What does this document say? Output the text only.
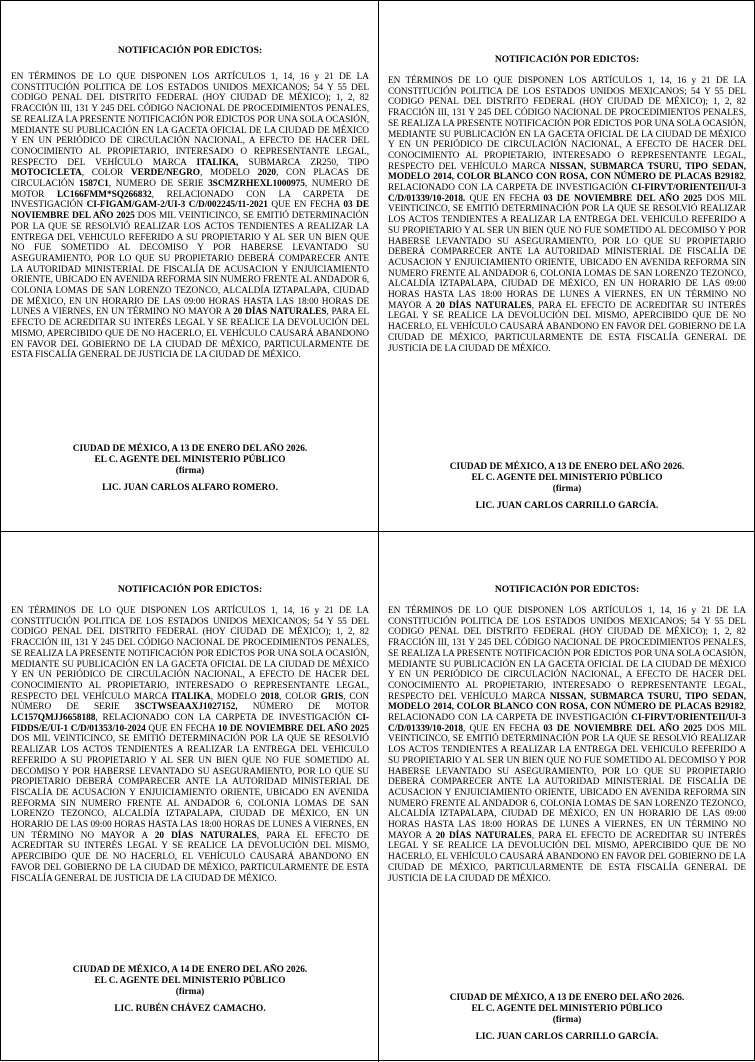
NOTIFICACIÓN POR EDICTOS:

EN TÉRMINOS DE LO QUE DISPONEN LOS ARTÍCULOS 1, 14, 16 y 21 DE LA CONSTITUCIÓN POLITICA DE LOS ESTADOS UNIDOS MEXICANOS; 54 Y 55 DEL CODIGO PENAL DEL DISTRITO FEDERAL (HOY CIUDAD DE MÉXICO); 1, 2, 82 FRACCIÓN III, 131 Y 245 DEL CÓDIGO NACIONAL DE PROCEDIMIENTOS PENALES, SE REALIZA LA PRESENTE NOTIFICACIÓN POR EDICTOS POR UNA SOLA OCASIÓN, MEDIANTE SU PUBLICACIÓN EN LA GACETA OFICIAL DE LA CIUDAD DE MÉXICO Y EN UN PERIÓDICO DE CIRCULACIÓN NACIONAL, A EFECTO DE HACER DEL CONOCIMIENTO AL PROPIETARIO, INTERESADO O REPRESENTANTE LEGAL, RESPECTO DEL VEHÍCULO MARCA ITALIKA, SUBMARCA ZR250, TIPO MOTOCICLETA, COLOR VERDE/NEGRO, MODELO 2020, CON PLACAS DE CIRCULACIÓN 1587C1, NUMERO DE SERIE 3SCMZRHEXL1000975, NUMERO DE MOTOR LC166FMM*SQ266832, RELACIONADO CON LA CARPETA DE INVESTIGACIÓN CI-FIGAM/GAM-2/UI-3 C/D/002245/11-2021 QUE EN FECHA 03 DE NOVIEMBRE DEL AÑO 2025 DOS MIL VEINTICINCO, SE EMITIÓ DETERMINACIÓN POR LA QUE SE RESOLVIÓ REALIZAR LOS ACTOS TENDIENTES A REALIZAR LA ENTREGA DEL VEHICULO REFERIDO A SU PROPIETARIO Y AL SER UN BIEN QUE NO FUE SOMETIDO AL DECOMISO Y POR HABERSE LEVANTADO SU ASEGURAMIENTO, POR LO QUE SU PROPIETARIO DEBERÁ COMPARECER ANTE LA AUTORIDAD MINISTERIAL DE FISCALÍA DE ACUSACION Y ENJUICIAMIENTO ORIENTE, UBICADO EN AVENIDA REFORMA SIN NUMERO FRENTE AL ANDADOR 6, COLONIA LOMAS DE SAN LORENZO TEZONCO, ALCALDÍA IZTAPALAPA, CIUDAD DE MÉXICO, EN UN HORARIO DE LAS 09:00 HORAS HASTA LAS 18:00 HORAS DE LUNES A VIERNES, EN UN TÉRMINO NO MAYOR A 20 DÍAS NATURALES, PARA EL EFECTO DE ACREDITAR SU INTERÉS LEGAL Y SE REALICE LA DEVOLUCIÓN DEL MISMO, APERCIBIDO QUE DE NO HACERLO, EL VEHÍCULO CAUSARÁ ABANDONO EN FAVOR DEL GOBIERNO DE LA CIUDAD DE MÉXICO, PARTICULARMENTE DE ESTA FISCALÍA GENERAL DE JUSTICIA DE LA CIUDAD DE MÉXICO.

CIUDAD DE MÉXICO, A 13 DE ENERO DEL AÑO 2026.
EL C. AGENTE DEL MINISTERIO PÚBLICO
(firma)
LIC. JUAN CARLOS ALFARO ROMERO.

NOTIFICACIÓN POR EDICTOS:

EN TÉRMINOS DE LO QUE DISPONEN LOS ARTÍCULOS 1, 14, 16 y 21 DE LA CONSTITUCIÓN POLITICA DE LOS ESTADOS UNIDOS MEXICANOS; 54 Y 55 DEL CODIGO PENAL DEL DISTRITO FEDERAL (HOY CIUDAD DE MÉXICO); 1, 2, 82 FRACCIÓN III, 131 Y 245 DEL CÓDIGO NACIONAL DE PROCEDIMIENTOS PENALES, SE REALIZA LA PRESENTE NOTIFICACIÓN POR EDICTOS POR UNA SOLA OCASIÓN, MEDIANTE SU PUBLICACIÓN EN LA GACETA OFICIAL DE LA CIUDAD DE MÉXICO Y EN UN PERIÓDICO DE CIRCULACIÓN NACIONAL, A EFECTO DE HACER DEL CONOCIMIENTO AL PROPIETARIO, INTERESADO O REPRESENTANTE LEGAL, RESPECTO DEL VEHÍCULO MARCA NISSAN, SUBMARCA TSURU, TIPO SEDAN, MODELO 2014, COLOR BLANCO CON ROSA, CON NÚMERO DE PLACAS B29182, RELACIONADO CON LA CARPETA DE INVESTIGACIÓN CI-FIRVT/ORIENTEII/UI-3 C/D/01339/10-2018. QUE EN FECHA 03 DE NOVIEMBRE DEL AÑO 2025 DOS MIL VEINTICINCO, SE EMITIÓ DETERMINACIÓN POR LA QUE SE RESOLVIÓ REALIZAR LOS ACTOS TENDIENTES A REALIZAR LA ENTREGA DEL VEHICULO REFERIDO A SU PROPIETARIO Y AL SER UN BIEN QUE NO FUE SOMETIDO AL DECOMISO Y POR HABERSE LEVANTADO SU ASEGURAMIENTO, POR LO QUE SU PROPIETARIO DEBERÁ COMPARECER ANTE LA AUTORIDAD MINISTERIAL DE FISCALÍA DE ACUSACION Y ENJUICIAMIENTO ORIENTE, UBICADO EN AVENIDA REFORMA SIN NUMERO FRENTE AL ANDADOR 6, COLONIA LOMAS DE SAN LORENZO TEZONCO, ALCALDÍA IZTAPALAPA, CIUDAD DE MÉXICO, EN UN HORARIO DE LAS 09:00 HORAS HASTA LAS 18:00 HORAS DE LUNES A VIERNES, EN UN TÉRMINO NO MAYOR A 20 DÍAS NATURALES, PARA EL EFECTO DE ACREDITAR SU INTERÉS LEGAL Y SE REALICE LA DEVOLUCIÓN DEL MISMO, APERCIBIDO QUE DE NO HACERLO, EL VEHÍCULO CAUSARÁ ABANDONO EN FAVOR DEL GOBIERNO DE LA CIUDAD DE MÉXICO, PARTICULARMENTE DE ESTA FISCALÍA GENERAL DE JUSTICIA DE LA CIUDAD DE MÉXICO.

CIUDAD DE MÉXICO, A 13 DE ENERO DEL AÑO 2026.
EL C. AGENTE DEL MINISTERIO PÚBLICO
(firma)
LIC. JUAN CARLOS CARRILLO GARCÍA.

NOTIFICACIÓN POR EDICTOS:

EN TÉRMINOS DE LO QUE DISPONEN LOS ARTÍCULOS 1, 14, 16 y 21 DE LA CONSTITUCIÓN POLITICA DE LOS ESTADOS UNIDOS MEXICANOS; 54 Y 55 DEL CODIGO PENAL DEL DISTRITO FEDERAL (HOY CIUDAD DE MÉXICO); 1, 2, 82 FRACCIÓN III, 131 Y 245 DEL CÓDIGO NACIONAL DE PROCEDIMIENTOS PENALES, SE REALIZA LA PRESENTE NOTIFICACIÓN POR EDICTOS POR UNA SOLA OCASIÓN, MEDIANTE SU PUBLICACIÓN EN LA GACETA OFICIAL DE LA CIUDAD DE MÉXICO Y EN UN PERIÓDICO DE CIRCULACIÓN NACIONAL, A EFECTO DE HACER DEL CONOCIMIENTO AL PROPIETARIO, INTERESADO O REPRESENTANTE LEGAL, RESPECTO DEL VEHÍCULO MARCA ITALIKA, MODELO 2018, COLOR GRIS, CON NÚMERO DE SERIE 3SCTWSEAAXJ1027152, NÚMERO DE MOTOR LC157QMJJ6658188, RELACIONADO CON LA CARPETA DE INVESTIGACIÓN CI-FIDDS/E/UI-1 C/D/01353/10-2024 QUE EN FECHA 10 DE NOVIEMBRE DEL AÑO 2025 DOS MIL VEINTICINCO, SE EMITIÓ DETERMINACIÓN POR LA QUE SE RESOLVIÓ REALIZAR LOS ACTOS TENDIENTES A REALIZAR LA ENTREGA DEL VEHICULO REFERIDO A SU PROPIETARIO Y AL SER UN BIEN QUE NO FUE SOMETIDO AL DECOMISO Y POR HABERSE LEVANTADO SU ASEGURAMIENTO, POR LO QUE SU PROPIETARIO DEBERÁ COMPARECER ANTE LA AUTORIDAD MINISTERIAL DE FISCALÍA DE ACUSACION Y ENJUICIAMIENTO ORIENTE, UBICADO EN AVENIDA REFORMA SIN NUMERO FRENTE AL ANDADOR 6, COLONIA LOMAS DE SAN LORENZO TEZONCO, ALCALDÍA IZTAPALAPA, CIUDAD DE MÉXICO, EN UN HORARIO DE LAS 09:00 HORAS HASTA LAS 18:00 HORAS DE LUNES A VIERNES, EN UN TÉRMINO NO MAYOR A 20 DÍAS NATURALES, PARA EL EFECTO DE ACREDITAR SU INTERÉS LEGAL Y SE REALICE LA DEVOLUCIÓN DEL MISMO, APERCIBIDO QUE DE NO HACERLO, EL VEHÍCULO CAUSARÁ ABANDONO EN FAVOR DEL GOBIERNO DE LA CIUDAD DE MÉXICO, PARTICULARMENTE DE ESTA FISCALÍA GENERAL DE JUSTICIA DE LA CIUDAD DE MÉXICO.

CIUDAD DE MÉXICO, A 14 DE ENERO DEL AÑO 2026.
EL C. AGENTE DEL MINISTERIO PÚBLICO
(firma)
LIC. RUBÉN CHÁVEZ CAMACHO.

NOTIFICACIÓN POR EDICTOS:

EN TÉRMINOS DE LO QUE DISPONEN LOS ARTÍCULOS 1, 14, 16 y 21 DE LA CONSTITUCIÓN POLITICA DE LOS ESTADOS UNIDOS MEXICANOS; 54 Y 55 DEL CODIGO PENAL DEL DISTRITO FEDERAL (HOY CIUDAD DE MÉXICO); 1, 2, 82 FRACCIÓN III, 131 Y 245 DEL CÓDIGO NACIONAL DE PROCEDIMIENTOS PENALES, SE REALIZA LA PRESENTE NOTIFICACIÓN POR EDICTOS POR UNA SOLA OCASIÓN, MEDIANTE SU PUBLICACIÓN EN LA GACETA OFICIAL DE LA CIUDAD DE MÉXICO Y EN UN PERIÓDICO DE CIRCULACIÓN NACIONAL, A EFECTO DE HACER DEL CONOCIMIENTO AL PROPIETARIO, INTERESADO O REPRESENTANTE LEGAL, RESPECTO DEL VEHÍCULO MARCA NISSAN, SUBMARCA TSURU, TIPO SEDAN, MODELO 2014, COLOR BLANCO CON ROSA, CON NÚMERO DE PLACAS B29182, RELACIONADO CON LA CARPETA DE INVESTIGACIÓN CI-FIRVT/ORIENTEII/UI-3 C/D/01339/10-2018, QUE EN FECHA 03 DE NOVIEMBRE DEL AÑO 2025 DOS MIL VEINTICINCO, SE EMITIÓ DETERMINACIÓN POR LA QUE SE RESOLVIÓ REALIZAR LOS ACTOS TENDIENTES A REALIZAR LA ENTREGA DEL VEHICULO REFERIDO A SU PROPIETARIO Y AL SER UN BIEN QUE NO FUE SOMETIDO AL DECOMISO Y POR HABERSE LEVANTADO SU ASEGURAMIENTO, POR LO QUE SU PROPIETARIO DEBERÁ COMPARECER ANTE LA AUTORIDAD MINISTERIAL DE FISCALÍA DE ACUSACION Y ENJUICIAMIENTO ORIENTE, UBICADO EN AVENIDA REFORMA SIN NUMERO FRENTE AL ANDADOR 6, COLONIA LOMAS DE SAN LORENZO TEZONCO, ALCALDÍA IZTAPALAPA, CIUDAD DE MÉXICO, EN UN HORARIO DE LAS 09:00 HORAS HASTA LAS 18:00 HORAS DE LUNES A VIERNES, EN UN TÉRMINO NO MAYOR A 20 DÍAS NATURALES, PARA EL EFECTO DE ACREDITAR SU INTERÉS LEGAL Y SE REALICE LA DEVOLUCIÓN DEL MISMO, APERCIBIDO QUE DE NO HACERLO, EL VEHÍCULO CAUSARÁ ABANDONO EN FAVOR DEL GOBIERNO DE LA CIUDAD DE MÉXICO, PARTICULARMENTE DE ESTA FISCALÍA GENERAL DE JUSTICIA DE LA CIUDAD DE MÉXICO.

CIUDAD DE MÉXICO, A 13 DE ENERO DEL AÑO 2026.
EL C. AGENTE DEL MINISTERIO PÚBLICO
(firma)
LIC. JUAN CARLOS CARRILLO GARCÍA.
